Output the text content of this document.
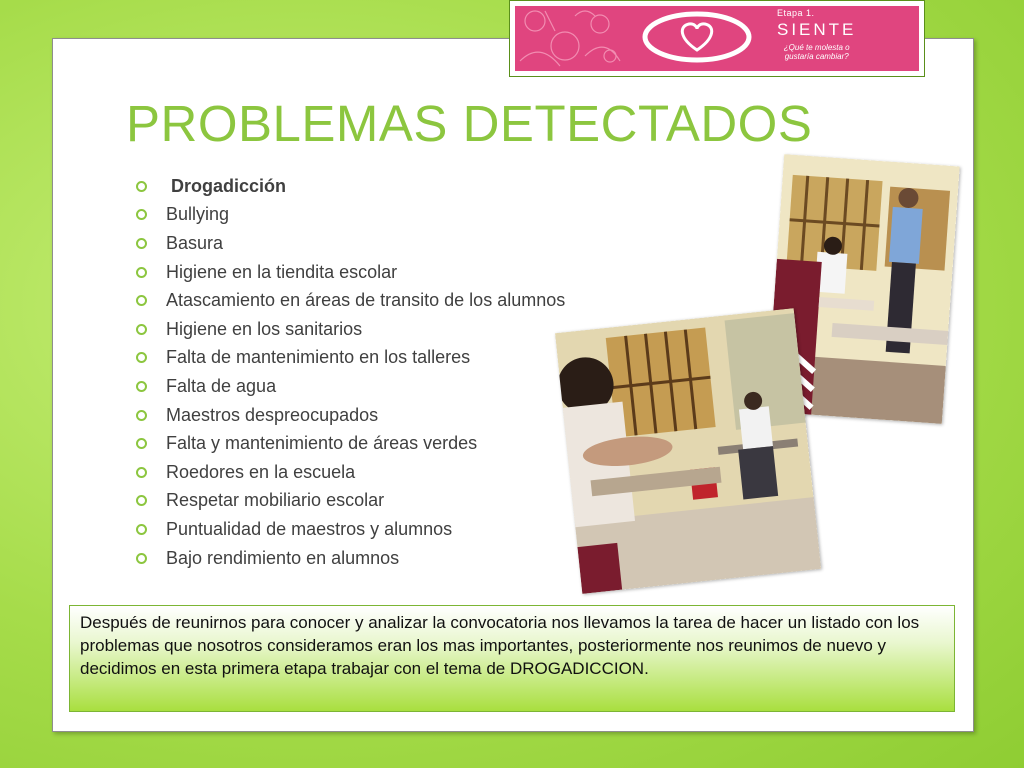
Etapa 1.
SIENTE
¿Qué te molesta o
gustaría cambiar?
PROBLEMAS DETECTADOS
Drogadicción
Bullying
Basura
Higiene en la tiendita escolar
Atascamiento en áreas de transito de los alumnos
Higiene en los sanitarios
Falta de mantenimiento en los talleres
Falta de agua
Maestros despreocupados
Falta y mantenimiento de áreas verdes
Roedores en la escuela
Respetar mobiliario escolar
Puntualidad de maestros y alumnos
Bajo rendimiento en alumnos
Después de reunirnos para conocer y analizar la convocatoria nos llevamos la tarea de hacer un listado con los problemas que nosotros consideramos eran los mas importantes, posteriormente nos reunimos de nuevo y decidimos en esta primera etapa trabajar con el tema de DROGADICCION.
